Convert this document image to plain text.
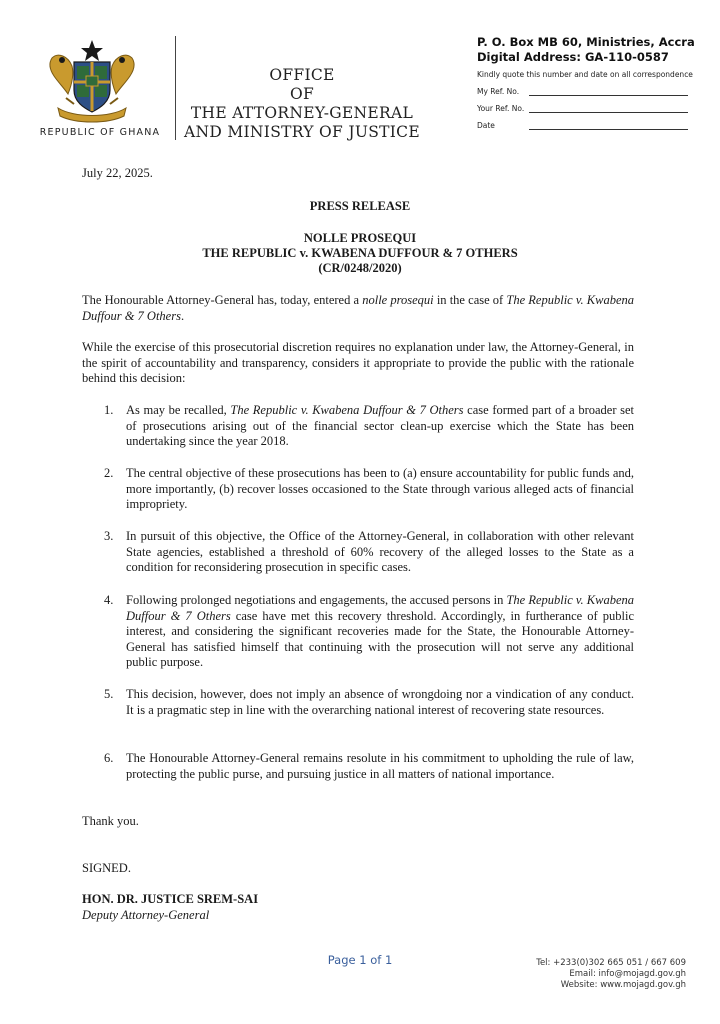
REPUBLIC OF GHANA
OFFICE
OF
THE ATTORNEY-GENERAL
AND MINISTRY OF JUSTICE
P. O. Box MB 60, Ministries, Accra
Digital Address: GA-110-0587
Kindly quote this number and date on all correspondence
My Ref. No.
Your Ref. No.
Date
July 22, 2025.
PRESS RELEASE
NOLLE PROSEQUI
THE REPUBLIC v. KWABENA DUFFOUR & 7 OTHERS
(CR/0248/2020)
The Honourable Attorney-General has, today, entered a nolle prosequi in the case of The Republic v. Kwabena Duffour & 7 Others.
While the exercise of this prosecutorial discretion requires no explanation under law, the Attorney-General, in the spirit of accountability and transparency, considers it appropriate to provide the public with the rationale behind this decision:
1.	As may be recalled, The Republic v. Kwabena Duffour & 7 Others case formed part of a broader set of prosecutions arising out of the financial sector clean-up exercise which the State has been undertaking since the year 2018.
2.	The central objective of these prosecutions has been to (a) ensure accountability for public funds and, more importantly, (b) recover losses occasioned to the State through various alleged acts of financial impropriety.
3.	In pursuit of this objective, the Office of the Attorney-General, in collaboration with other relevant State agencies, established a threshold of 60% recovery of the alleged losses to the State as a condition for reconsidering prosecution in specific cases.
4.	Following prolonged negotiations and engagements, the accused persons in The Republic v. Kwabena Duffour & 7 Others case have met this recovery threshold. Accordingly, in furtherance of public interest, and considering the significant recoveries made for the State, the Honourable Attorney-General has satisfied himself that continuing with the prosecution will not serve any additional public purpose.
5.	This decision, however, does not imply an absence of wrongdoing nor a vindication of any conduct. It is a pragmatic step in line with the overarching national interest of recovering state resources.
6.	The Honourable Attorney-General remains resolute in his commitment to upholding the rule of law, protecting the public purse, and pursuing justice in all matters of national importance.
Thank you.
SIGNED.
HON. DR. JUSTICE SREM-SAI
Deputy Attorney-General
Page 1 of 1	Tel: +233(0)302 665 051 / 667 609
Email: info@mojagd.gov.gh
Website: www.mojagd.gov.gh
